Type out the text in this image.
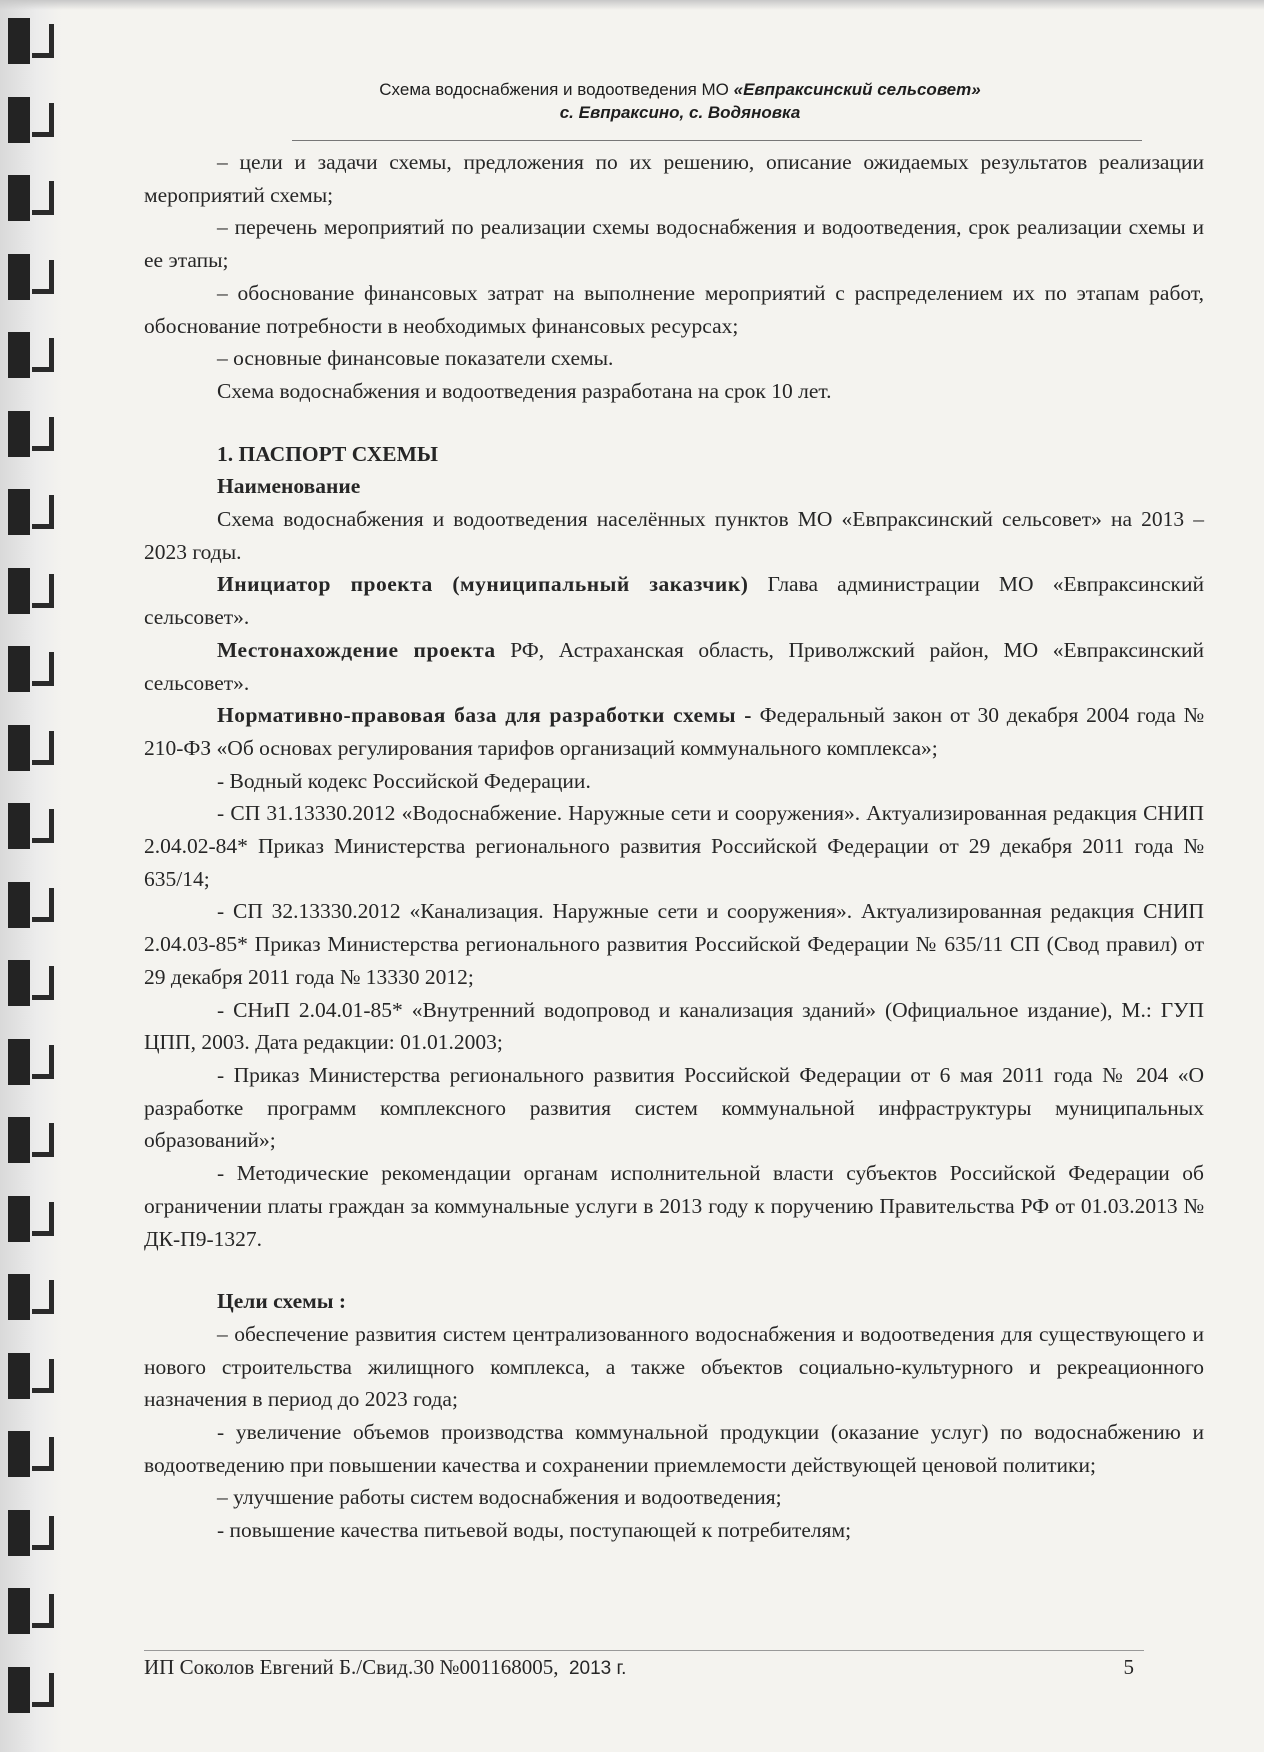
Схема водоснабжения и водоотведения МО «Евпраксинский сельсовет»
с. Евпраксино, с. Водяновка

– цели и задачи схемы, предложения по их решению, описание ожидаемых результатов реализации мероприятий схемы;

– перечень мероприятий по реализации схемы водоснабжения и водоотведения, срок реализации схемы и ее этапы;

– обоснование финансовых затрат на выполнение мероприятий с распределением их по этапам работ, обоснование потребности в необходимых финансовых ресурсах;

– основные финансовые показатели схемы.

Схема водоснабжения и водоотведения разработана на срок 10 лет.

1. ПАСПОРТ СХЕМЫ
Наименование

Схема водоснабжения и водоотведения населённых пунктов МО «Евпраксинский сельсовет» на 2013 – 2023 годы.

Инициатор проекта (муниципальный заказчик) Глава администрации МО «Евпраксинский сельсовет».

Местонахождение проекта РФ, Астраханская область, Приволжский район, МО «Евпраксинский сельсовет».

Нормативно-правовая база для разработки схемы - Федеральный закон от 30 декабря 2004 года № 210-ФЗ «Об основах регулирования тарифов организаций коммунального комплекса»;

- Водный кодекс Российской Федерации.

- СП 31.13330.2012 «Водоснабжение. Наружные сети и сооружения». Актуализированная редакция СНИП 2.04.02-84* Приказ Министерства регионального развития Российской Федерации от 29 декабря 2011 года № 635/14;

- СП 32.13330.2012 «Канализация. Наружные сети и сооружения». Актуализированная редакция СНИП 2.04.03-85* Приказ Министерства регионального развития Российской Федерации № 635/11 СП (Свод правил) от 29 декабря 2011 года № 13330 2012;

- СНиП 2.04.01-85* «Внутренний водопровод и канализация зданий» (Официальное издание), М.: ГУП ЦПП, 2003. Дата редакции: 01.01.2003;

- Приказ Министерства регионального развития Российской Федерации от 6 мая 2011 года № 204 «О разработке программ комплексного развития систем коммунальной инфраструктуры муниципальных образований»;

- Методические рекомендации органам исполнительной власти субъектов Российской Федерации об ограничении платы граждан за коммунальные услуги в 2013 году к поручению Правительства РФ от 01.03.2013 № ДК-П9-1327.

Цели схемы :

– обеспечение развития систем централизованного водоснабжения и водоотведения для существующего и нового строительства жилищного комплекса, а также объектов социально-культурного и рекреационного назначения в период до 2023 года;

- увеличение объемов производства коммунальной продукции (оказание услуг) по водоснабжению и водоотведению при повышении качества и сохранении приемлемости действующей ценовой политики;

– улучшение работы систем водоснабжения и водоотведения;

- повышение качества питьевой воды, поступающей к потребителям;

ИП Соколов Евгений Б./Свид.30 №001168005, 2013 г.	5
